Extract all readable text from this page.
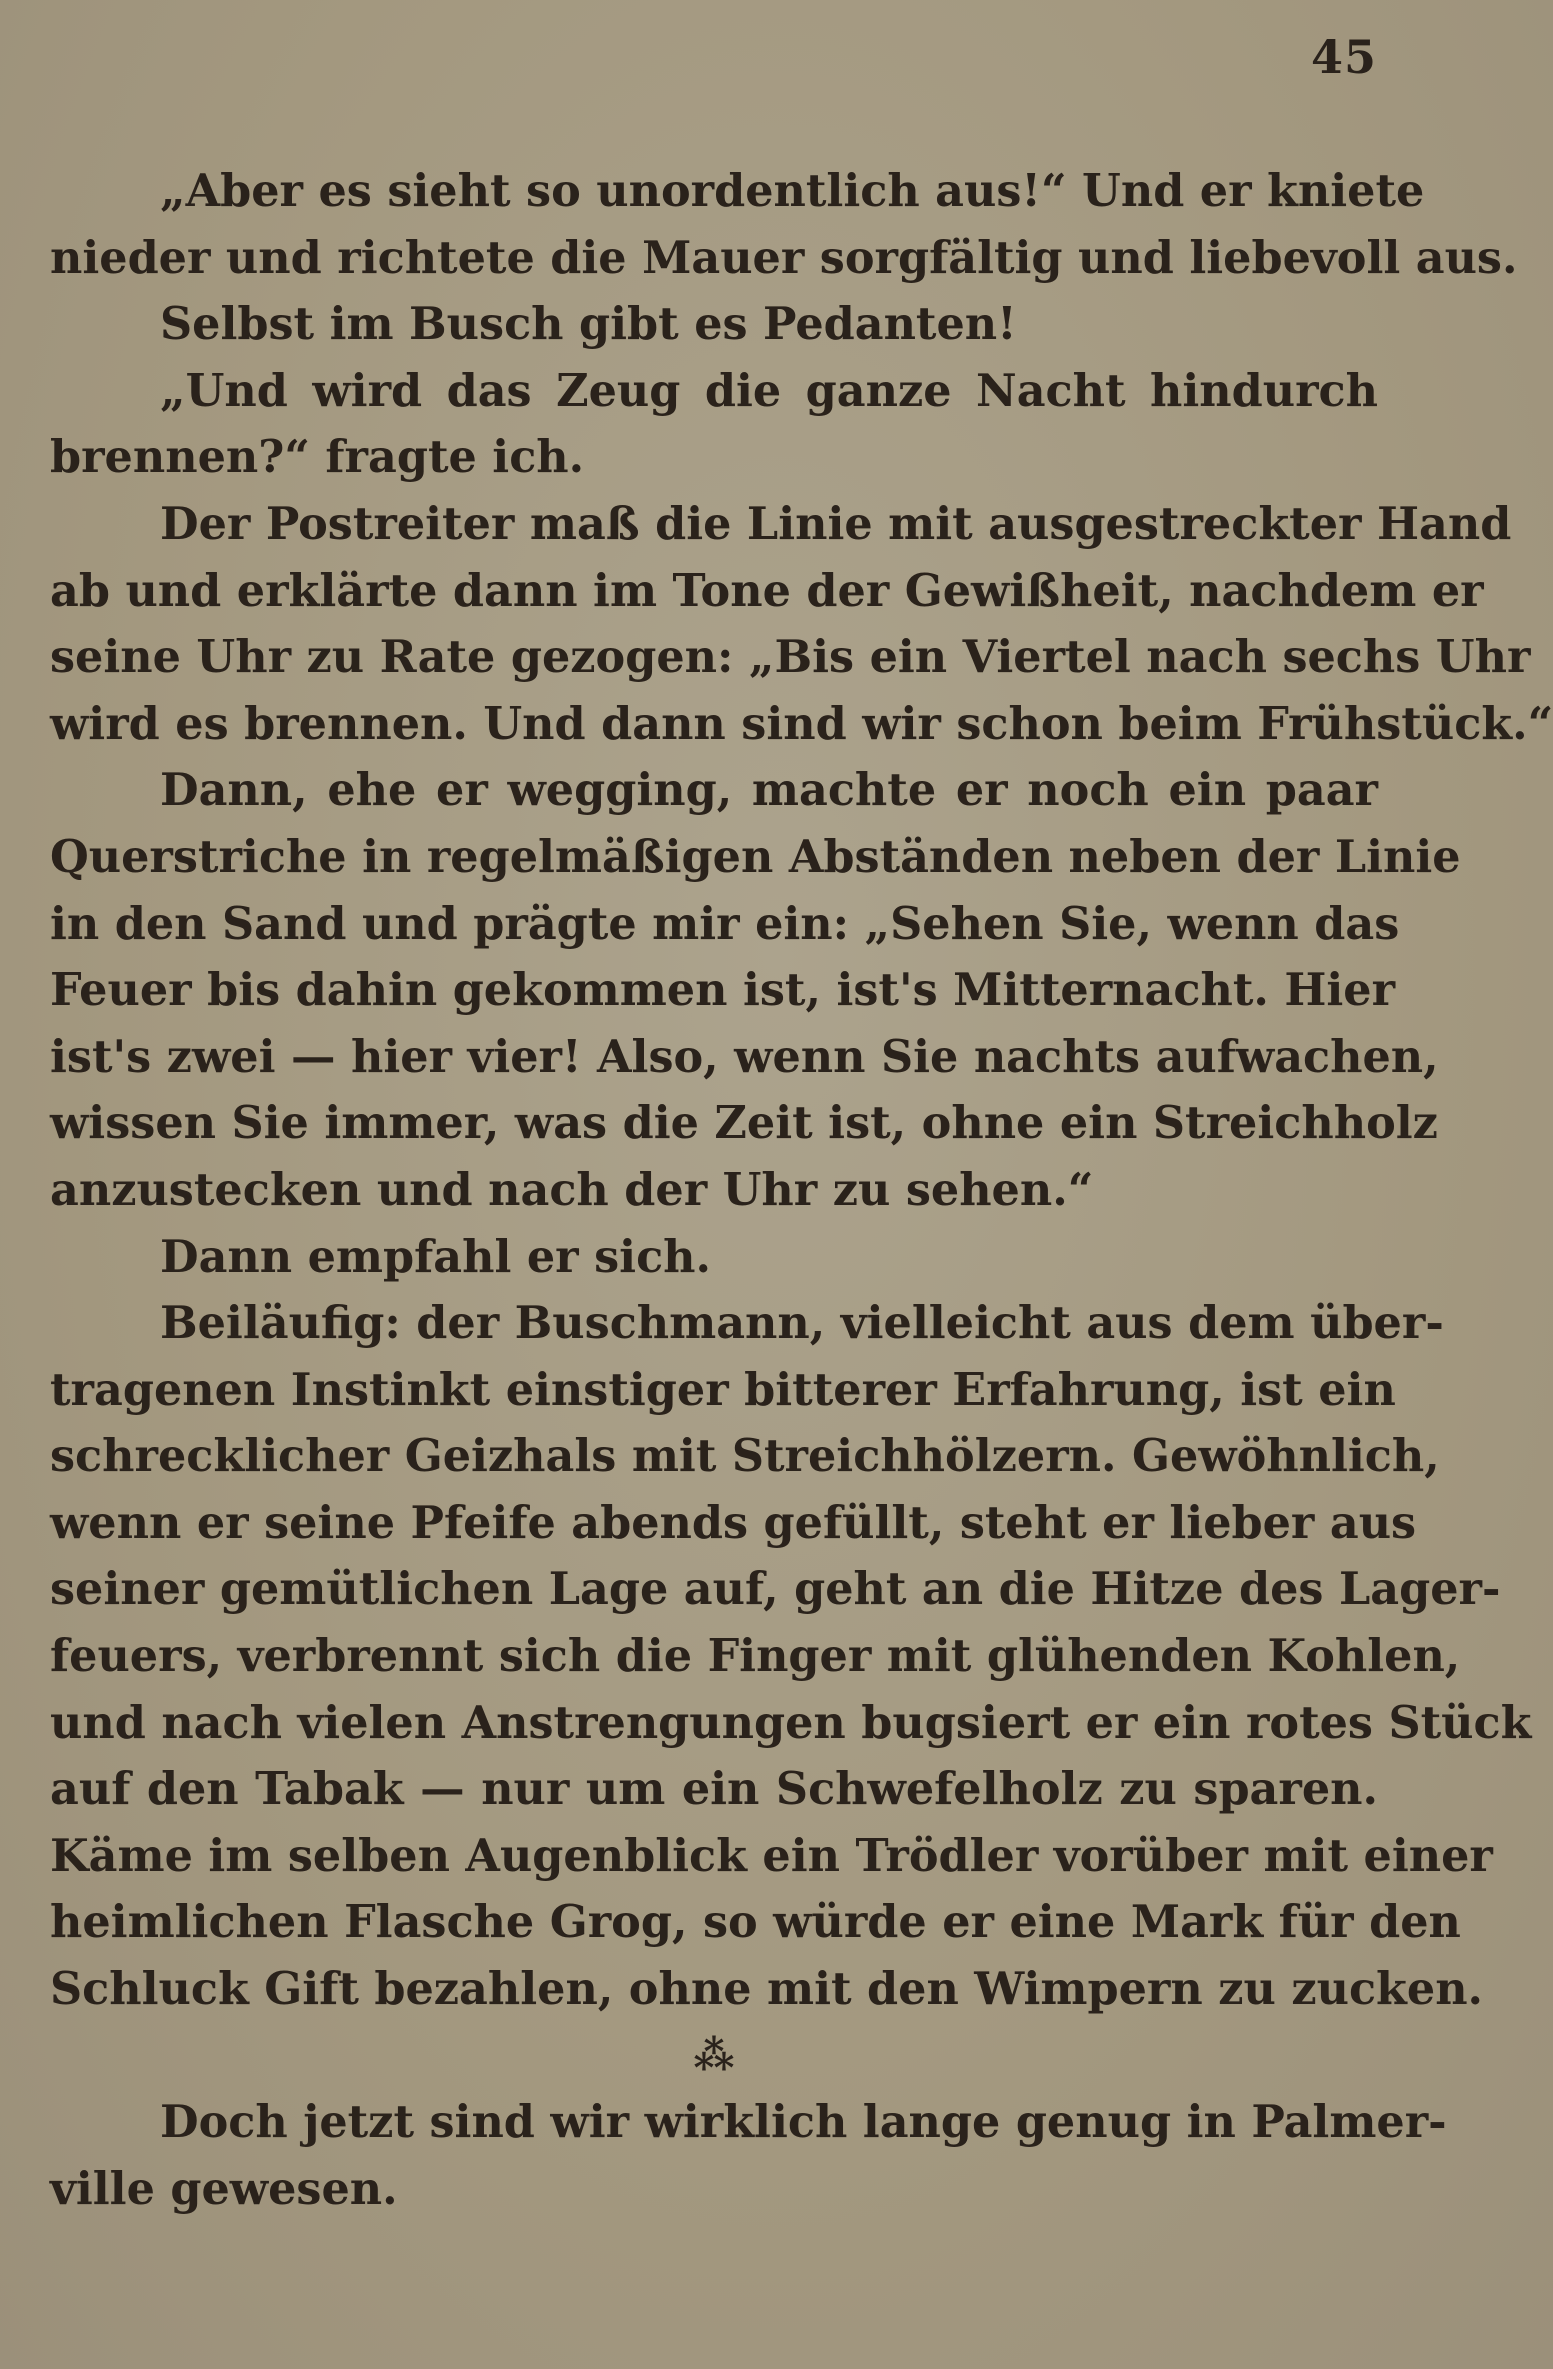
45
„Aber es sieht so unordentlich aus!“ Und er kniete
nieder und richtete die Mauer sorgfältig und liebevoll aus.
Selbst im Busch gibt es Pedanten!
„Und wird das Zeug die ganze Nacht hindurch
brennen?“ fragte ich.
Der Postreiter maß die Linie mit ausgestreckter Hand
ab und erklärte dann im Tone der Gewißheit, nachdem er
seine Uhr zu Rate gezogen: „Bis ein Viertel nach sechs Uhr
wird es brennen. Und dann sind wir schon beim Frühstück.“
Dann, ehe er wegging, machte er noch ein paar
Querstriche in regelmäßigen Abständen neben der Linie
in den Sand und prägte mir ein: „Sehen Sie, wenn das
Feuer bis dahin gekommen ist, ist's Mitternacht. Hier
ist's zwei — hier vier! Also, wenn Sie nachts aufwachen,
wissen Sie immer, was die Zeit ist, ohne ein Streichholz
anzustecken und nach der Uhr zu sehen.“
Dann empfahl er sich.
Beiläufig: der Buschmann, vielleicht aus dem über-
tragenen Instinkt einstiger bitterer Erfahrung, ist ein
schrecklicher Geizhals mit Streichhölzern. Gewöhnlich,
wenn er seine Pfeife abends gefüllt, steht er lieber aus
seiner gemütlichen Lage auf, geht an die Hitze des Lager-
feuers, verbrennt sich die Finger mit glühenden Kohlen,
und nach vielen Anstrengungen bugsiert er ein rotes Stück
auf den Tabak — nur um ein Schwefelholz zu sparen.
Käme im selben Augenblick ein Trödler vorüber mit einer
heimlichen Flasche Grog, so würde er eine Mark für den
Schluck Gift bezahlen, ohne mit den Wimpern zu zucken.
⁂
Doch jetzt sind wir wirklich lange genug in Palmer-
ville gewesen.
